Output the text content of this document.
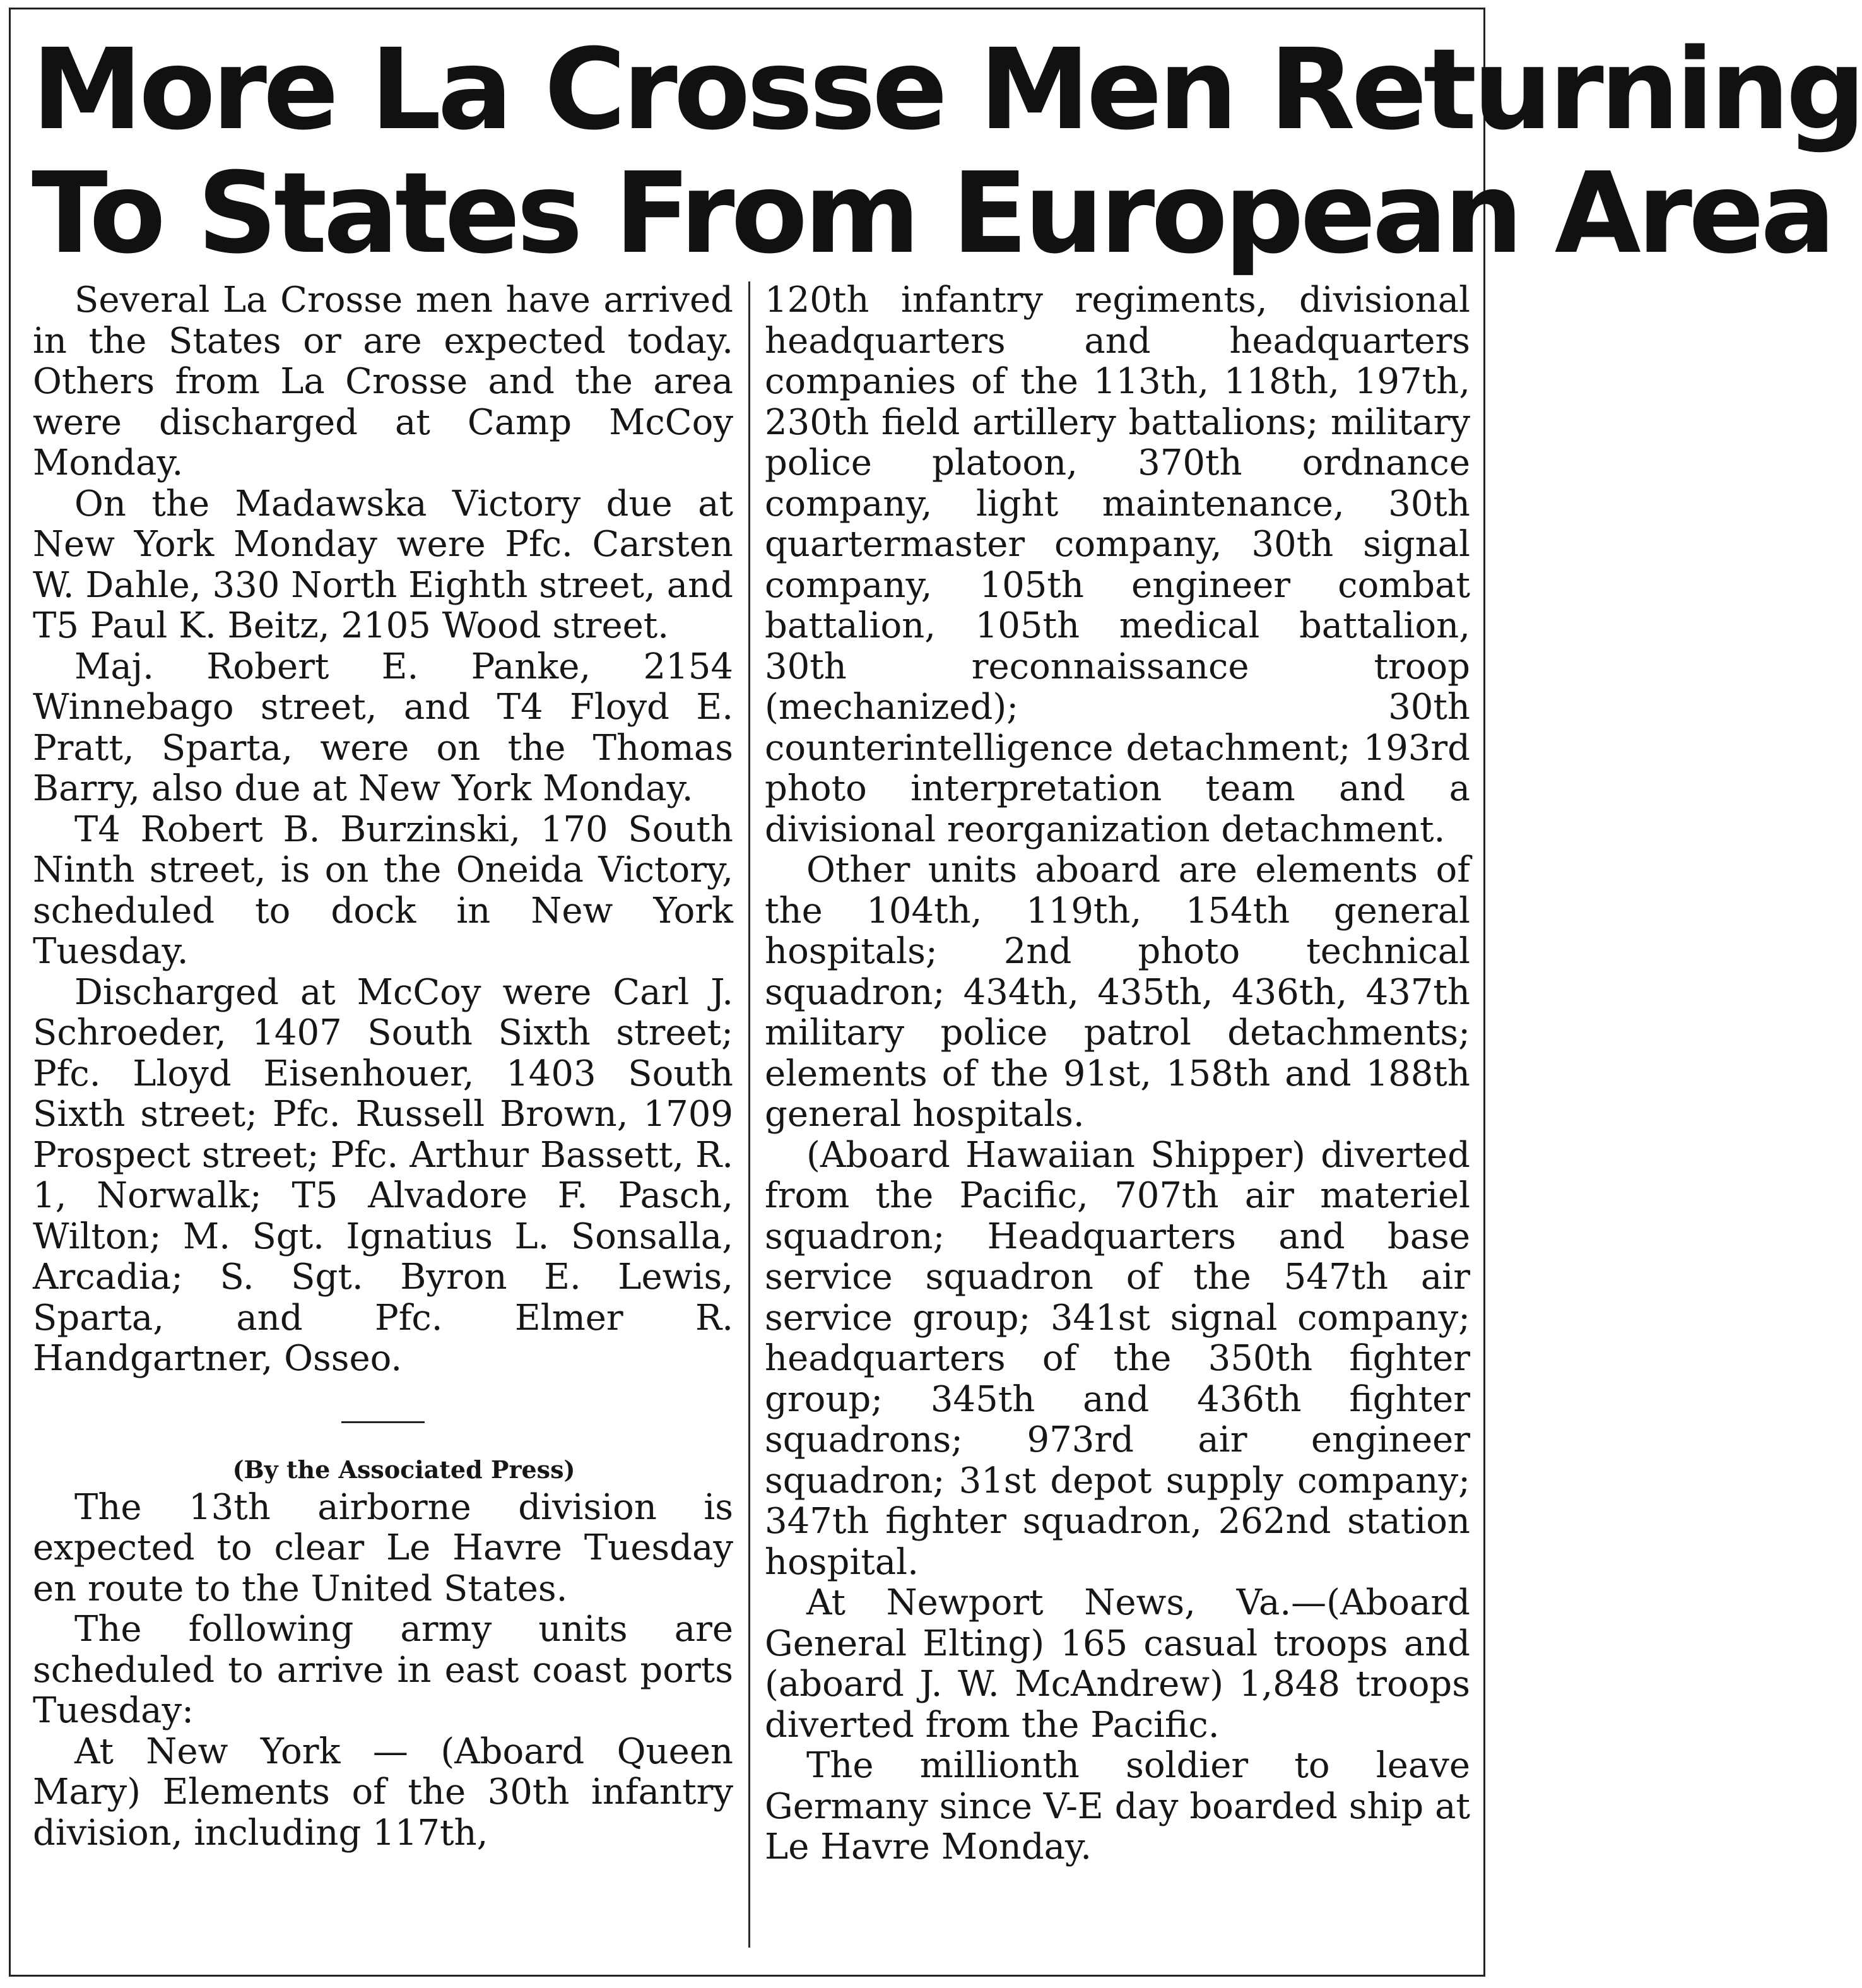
More La Crosse Men Returning
To States From European Area

Several La Crosse men have arrived in the States or are expected today. Others from La Crosse and the area were discharged at Camp McCoy Monday.

On the Madawska Victory due at New York Monday were Pfc. Carsten W. Dahle, 330 North Eighth street, and T5 Paul K. Beitz, 2105 Wood street.

Maj. Robert E. Panke, 2154 Winnebago street, and T4 Floyd E. Pratt, Sparta, were on the Thomas Barry, also due at New York Monday.

T4 Robert B. Burzinski, 170 South Ninth street, is on the Oneida Victory, scheduled to dock in New York Tuesday.

Discharged at McCoy were Carl J. Schroeder, 1407 South Sixth street; Pfc. Lloyd Eisenhouer, 1403 South Sixth street; Pfc. Russell Brown, 1709 Prospect street; Pfc. Arthur Bassett, R. 1, Norwalk; T5 Alvadore F. Pasch, Wilton; M. Sgt. Ignatius L. Sonsalla, Arcadia; S. Sgt. Byron E. Lewis, Sparta, and Pfc. Elmer R. Handgartner, Osseo.

(By the Associated Press)

The 13th airborne division is expected to clear Le Havre Tuesday en route to the United States.

The following army units are scheduled to arrive in east coast ports Tuesday:

At New York — (Aboard Queen Mary) Elements of the 30th infantry division, including 117th,

120th infantry regiments, divisional headquarters and headquarters companies of the 113th, 118th, 197th, 230th field artillery battalions; military police platoon, 370th ordnance company, light maintenance, 30th quartermaster company, 30th signal company, 105th engineer combat battalion, 105th medical battalion, 30th reconnaissance troop (mechanized); 30th counterintelligence detachment; 193rd photo interpretation team and a divisional reorganization detachment.

Other units aboard are elements of the 104th, 119th, 154th general hospitals; 2nd photo technical squadron; 434th, 435th, 436th, 437th military police patrol detachments; elements of the 91st, 158th and 188th general hospitals.

(Aboard Hawaiian Shipper) diverted from the Pacific, 707th air materiel squadron; Headquarters and base service squadron of the 547th air service group; 341st signal company; headquarters of the 350th fighter group; 345th and 436th fighter squadrons; 973rd air engineer squadron; 31st depot supply company; 347th fighter squadron, 262nd station hospital.

At Newport News, Va.—(Aboard General Elting) 165 casual troops and (aboard J. W. McAndrew) 1,848 troops diverted from the Pacific.

The millionth soldier to leave Germany since V-E day boarded ship at Le Havre Monday.
